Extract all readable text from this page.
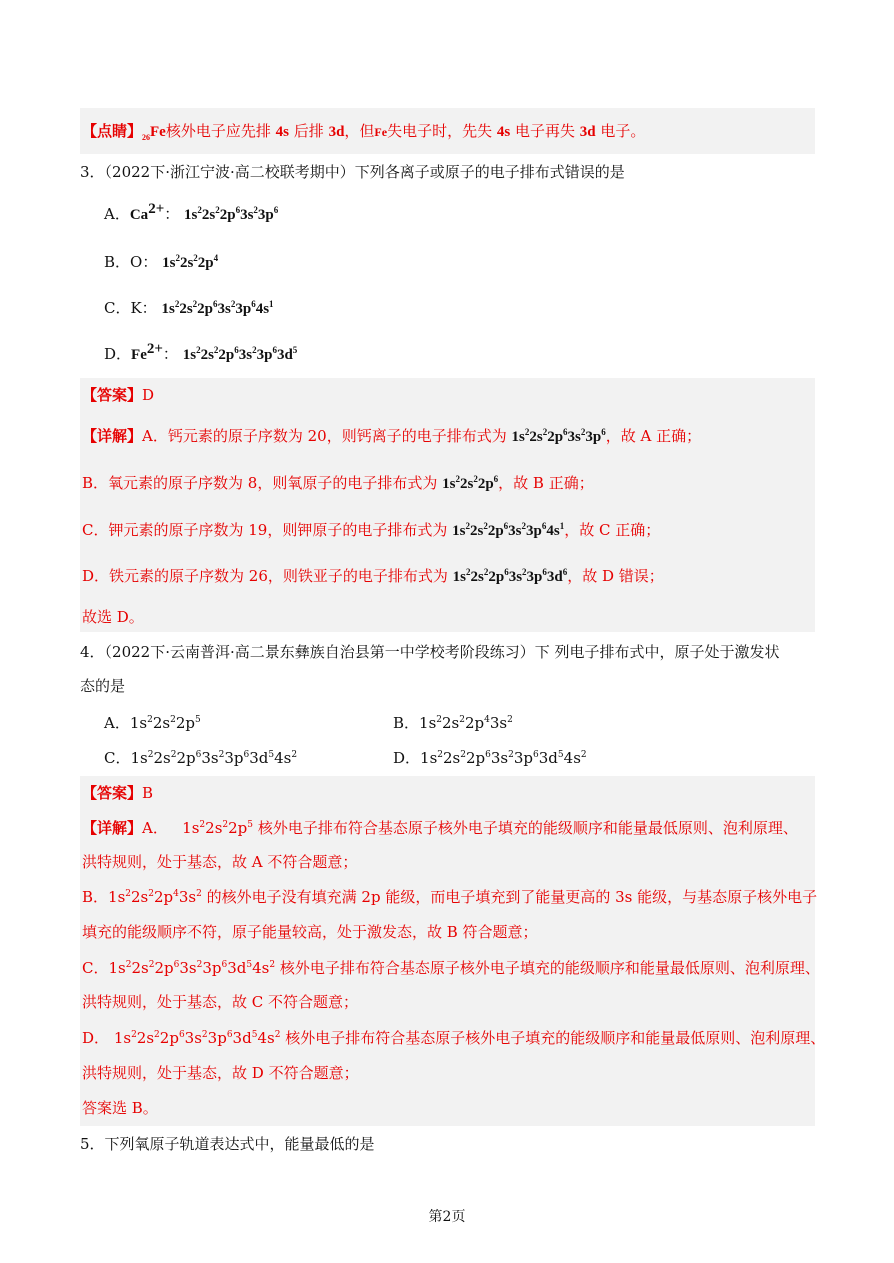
【点睛】$_{26}$Fe核外电子应先排 4s 后排 3d，但Fe失电子时，先失 4s 电子再失 3d 电子。
3．（2022下·浙江宁波·高二校联考期中）下列各离子或原子的电子排布式错误的是
A．$Ca^{2+}$： $1s^22s^22p^63s^23p^6$
B．O： $1s^22s^22p^4$
C．K： $1s^22s^22p^63s^23p^64s^1$
D．$Fe^{2+}$： $1s^22s^22p^63s^23p^63d^5$
【答案】D
【详解】A．钙元素的原子序数为 20，则钙离子的电子排布式为 $1s^22s^22p^63s^23p^6$，故 A 正确；
B．氧元素的原子序数为 8，则氧原子的电子排布式为 $1s^22s^22p^6$，故 B 正确；
C．钾元素的原子序数为 19，则钾原子的电子排布式为 $1s^22s^22p^63s^23p^64s^1$，故 C 正确；
D．铁元素的原子序数为 26，则铁亚子的电子排布式为 $1s^22s^22p^63s^23p^63d^6$，故 D 错误；
故选 D。
4．（2022下·云南普洱·高二景东彝族自治县第一中学校考阶段练习）下 列电子排布式中，原子处于激发状
态的是
A．$1s^22s^22p^5$	B．$1s^22s^22p^43s^2$
C．$1s^22s^22p^63s^23p^63d^54s^2$	D．$1s^22s^22p^63s^23p^63d^54s^2$
【答案】B
【详解】A． $1s^22s^22p^5$ 核外电子排布符合基态原子核外电子填充的能级顺序和能量最低原则、泡利原理、
洪特规则，处于基态，故 A 不符合题意；
B．$1s^22s^22p^43s^2$ 的核外电子没有填充满 2p 能级，而电子填充到了能量更高的 3s 能级，与基态原子核外电子
填充的能级顺序不符，原子能量较高，处于激发态，故 B 符合题意；
C．$1s^22s^22p^63s^23p^63d^54s^2$ 核外电子排布符合基态原子核外电子填充的能级顺序和能量最低原则、泡利原理、
洪特规则，处于基态，故 C 不符合题意；
D． $1s^22s^22p^63s^23p^63d^54s^2$ 核外电子排布符合基态原子核外电子填充的能级顺序和能量最低原则、泡利原理、
洪特规则，处于基态，故 D 不符合题意；
答案选 B。
5．下列氧原子轨道表达式中，能量最低的是
第2页
